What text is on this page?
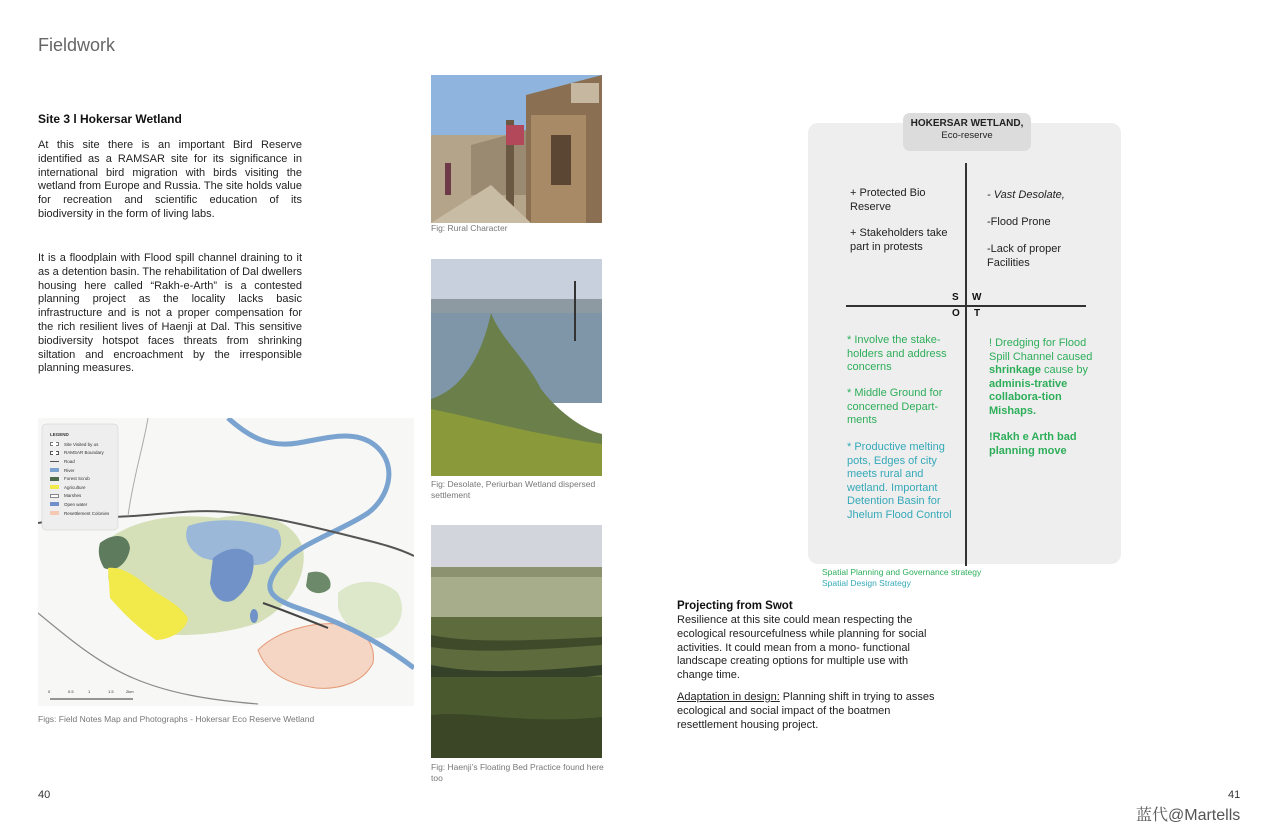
Fieldwork
Site 3 l Hokersar Wetland
At this site there is an important Bird Reserve identified as a RAMSAR site for its significance in international bird migration with birds visiting the wetland from Europe and Russia. The site holds value for recreation and scientific education of its biodiversity in the form of living labs.
It is a floodplain with Flood spill channel draining to it as a detention basin. The rehabilitation of Dal dwellers housing here called “Rakh-e-Arth” is a contested planning project as the locality lacks basic infrastructure and is not a proper compensation for the rich resilient lives of Haenji at Dal. This sensitive biodiversity hotspot faces threats from shrinking siltation and encroachment by the irresponsible planning measures.
LEGEND
Site Visited by us
RAMSAR Boundary
Road
River
Forest Scrub
Agriculture
Marshes
Open water
Resettlement Colonies
0	0.5	1	1.5	2km
Figs: Field Notes Map and Photographs - Hokersar Eco Reserve Wetland
Fig: Rural Character
Fig: Desolate, Periurban Wetland dispersed settlement
Fig: Haenji’s Floating Bed Practice found here too
HOKERSAR WETLAND,
Eco-reserve
S W
O T
+ Protected Bio Reserve
+ Stakeholders take part in protests
- Vast Desolate,
-Flood Prone
-Lack of proper Facilities
* Involve the stake-holders and address concerns
* Middle Ground for concerned Depart-ments
* Productive melting pots, Edges of city meets rural and wetland. Important Detention Basin for Jhelum Flood Control
! Dredging for Flood Spill Channel caused shrinkage cause by adminis-trative collabora-tion Mishaps.
!Rakh e Arth bad planning move
Spatial Planning and Governance strategy
Spatial Design Strategy
Projecting from Swot
Resilience at this site could mean respecting the ecological resourcefulness while planning for social activities. It could mean from a mono- functional landscape creating options for multiple use with change time.
Adaptation in design: Planning shift in trying to asses ecological and social impact of the boatmen resettlement housing project.
40	41
蓝代@Martells
